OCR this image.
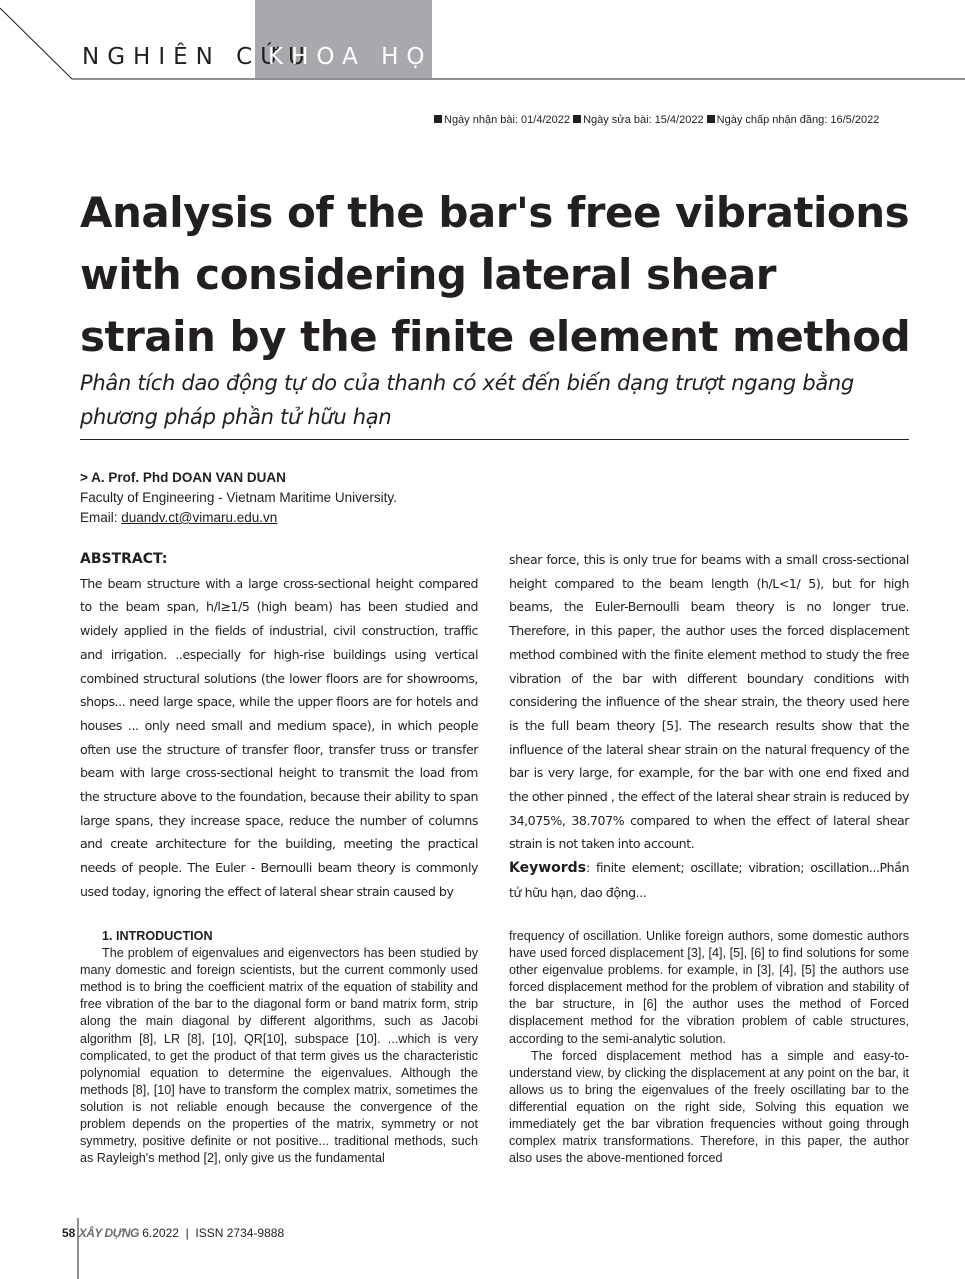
NGHIÊN CỨU
KHOA HỌC
Ngày nhận bài: 01/4/2022 Ngày sửa bài: 15/4/2022 Ngày chấp nhận đăng: 16/5/2022
Analysis of the bar's free vibrations with considering lateral shear strain by the finite element method
Phân tích dao động tự do của thanh có xét đến biến dạng trượt ngang bằng phương pháp phần tử hữu hạn
> A. Prof. Phd DOAN VAN DUAN
Faculty of Engineering - Vietnam Maritime University.
Email: duandv.ct@vimaru.edu.vn
ABSTRACT:
The beam structure with a large cross-sectional height compared to the beam span, h/l≥1/5 (high beam) has been studied and widely applied in the fields of industrial, civil construction, traffic and irrigation. ..especially for high-rise buildings using vertical combined structural solutions (the lower floors are for showrooms, shops... need large space, while the upper floors are for hotels and houses ... only need small and medium space), in which people often use the structure of transfer floor, transfer truss or transfer beam with large cross-sectional height to transmit the load from the structure above to the foundation, because their ability to span large spans, they increase space, reduce the number of columns and create architecture for the building, meeting the practical needs of people. The Euler - Bernoulli beam theory is commonly used today, ignoring the effect of lateral shear strain caused by
shear force, this is only true for beams with a small cross-sectional height compared to the beam length (h/L<1/ 5), but for high beams, the Euler-Bernoulli beam theory is no longer true. Therefore, in this paper, the author uses the forced displacement method combined with the finite element method to study the free vibration of the bar with different boundary conditions with considering the influence of the shear strain, the theory used here is the full beam theory [5]. The research results show that the influence of the lateral shear strain on the natural frequency of the bar is very large, for example, for the bar with one end fixed and the other pinned , the effect of the lateral shear strain is reduced by 34,075%, 38.707% compared to when the effect of lateral shear strain is not taken into account.
Keywords: finite element; oscillate; vibration; oscillation...Phần tử hữu hạn, dao động...
1. INTRODUCTION
The problem of eigenvalues and eigenvectors has been studied by many domestic and foreign scientists, but the current commonly used method is to bring the coefficient matrix of the equation of stability and free vibration of the bar to the diagonal form or band matrix form, strip along the main diagonal by different algorithms, such as Jacobi algorithm [8], LR [8], [10], QR[10], subspace [10]. ...which is very complicated, to get the product of that term gives us the characteristic polynomial equation to determine the eigenvalues. Although the methods [8], [10] have to transform the complex matrix, sometimes the solution is not reliable enough because the convergence of the problem depends on the properties of the matrix, symmetry or not symmetry, positive definite or not positive... traditional methods, such as Rayleigh's method [2], only give us the fundamental
frequency of oscillation. Unlike foreign authors, some domestic authors have used forced displacement [3], [4], [5], [6] to find solutions for some other eigenvalue problems. for example, in [3], [4], [5] the authors use forced displacement method for the problem of vibration and stability of the bar structure, in [6] the author uses the method of Forced displacement method for the vibration problem of cable structures, according to the semi-analytic solution.
The forced displacement method has a simple and easy-to-understand view, by clicking the displacement at any point on the bar, it allows us to bring the eigenvalues of the freely oscillating bar to the differential equation on the right side, Solving this equation we immediately get the bar vibration frequencies without going through complex matrix transformations. Therefore, in this paper, the author also uses the above-mentioned forced
58 XÂY DỰNG 6.2022 | ISSN 2734-9888
